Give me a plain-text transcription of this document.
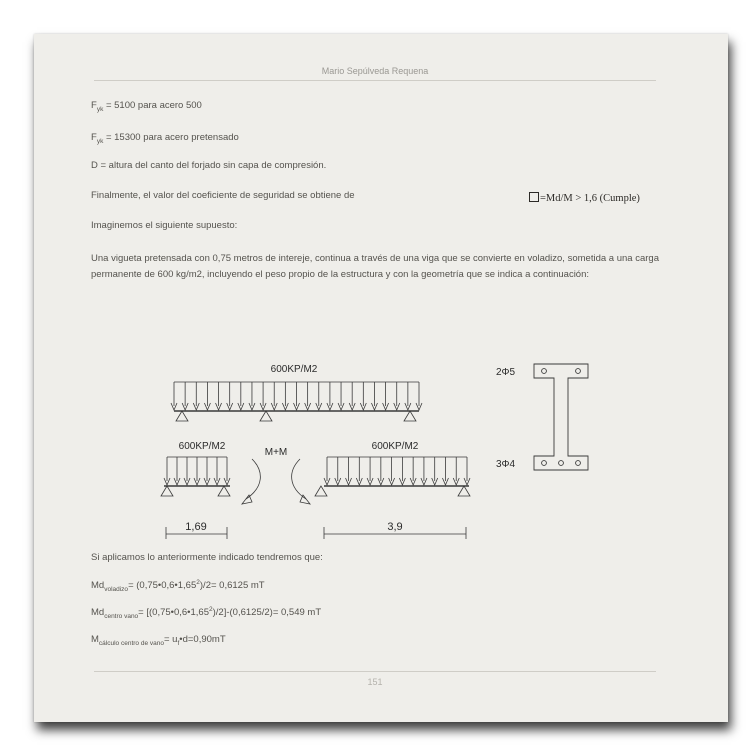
Mario Sepúlveda Requena
$F_{yk} = 5100$ para acero 500
$F_{yk} = 15300$ para acero pretensado
D = altura del canto del forjado sin capa de compresión.
Finalmente, el valor del coeficiente de seguridad se obtiene de	=Md/M > 1,6 (Cumple)
Imaginemos el siguiente supuesto:
Una vigueta pretensada con 0,75 metros de intereje, continua a través de una viga que se convierte en voladizo, sometida a una carga permanente de 600 kg/m2, incluyendo el peso propio de la estructura y con la geometría que se indica a continuación:
600KP/M2
600KP/M2
M+M
600KP/M2
1,69	3,9
2Φ5
3Φ4
Si aplicamos lo anteriormente indicado tendremos que:
$Md_{voladizo}=$ $(0,75•0,6•1,65^2)/2= 0,6125$ mT
$Md_{centro vano}=$ $[(0,75•0,6•1,65^2)/2]-(0,6125/2)= 0,549$ mT
$M_{cálculo centro de vano}=$ $u_f•d=0,90mT$
151
